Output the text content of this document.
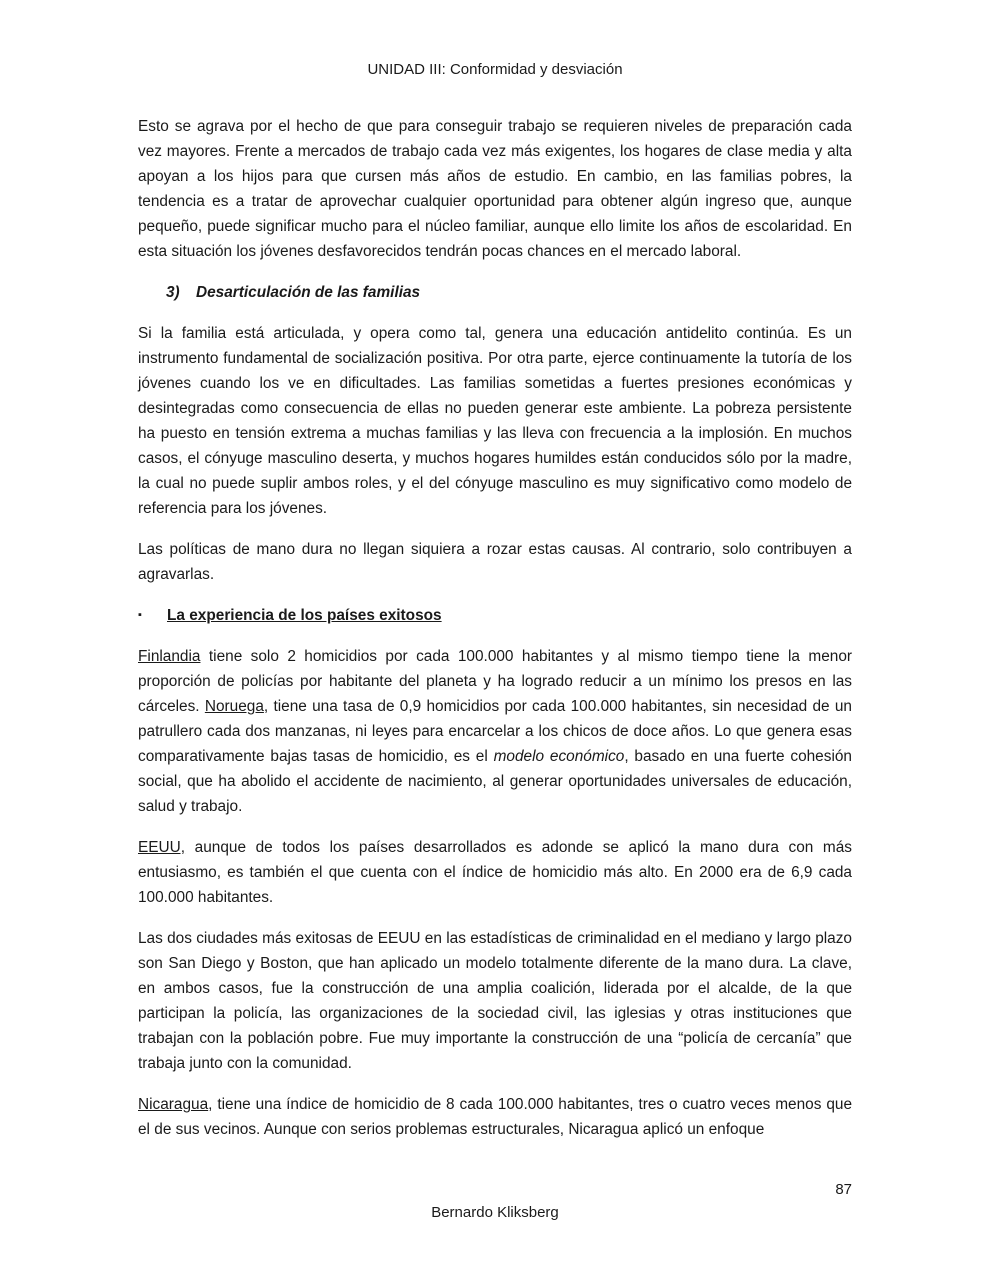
UNIDAD III: Conformidad y desviación

Esto se agrava por el hecho de que para conseguir trabajo se requieren niveles de preparación cada vez mayores. Frente a mercados de trabajo cada vez más exigentes, los hogares de clase media y alta apoyan a los hijos para que cursen más años de estudio. En cambio, en las familias pobres, la tendencia es a tratar de aprovechar cualquier oportunidad para obtener algún ingreso que, aunque pequeño, puede significar mucho para el núcleo familiar, aunque ello limite los años de escolaridad. En esta situación los jóvenes desfavorecidos tendrán pocas chances en el mercado laboral.

3) Desarticulación de las familias

Si la familia está articulada, y opera como tal, genera una educación antidelito continúa. Es un instrumento fundamental de socialización positiva. Por otra parte, ejerce continuamente la tutoría de los jóvenes cuando los ve en dificultades. Las familias sometidas a fuertes presiones económicas y desintegradas como consecuencia de ellas no pueden generar este ambiente. La pobreza persistente ha puesto en tensión extrema a muchas familias y las lleva con frecuencia a la implosión. En muchos casos, el cónyuge masculino deserta, y muchos hogares humildes están conducidos sólo por la madre, la cual no puede suplir ambos roles, y el del cónyuge masculino es muy significativo como modelo de referencia para los jóvenes.

Las políticas de mano dura no llegan siquiera a rozar estas causas. Al contrario, solo contribuyen a agravarlas.

▪ La experiencia de los países exitosos

Finlandia tiene solo 2 homicidios por cada 100.000 habitantes y al mismo tiempo tiene la menor proporción de policías por habitante del planeta y ha logrado reducir a un mínimo los presos en las cárceles. Noruega, tiene una tasa de 0,9 homicidios por cada 100.000 habitantes, sin necesidad de un patrullero cada dos manzanas, ni leyes para encarcelar a los chicos de doce años. Lo que genera esas comparativamente bajas tasas de homicidio, es el modelo económico, basado en una fuerte cohesión social, que ha abolido el accidente de nacimiento, al generar oportunidades universales de educación, salud y trabajo.

EEUU, aunque de todos los países desarrollados es adonde se aplicó la mano dura con más entusiasmo, es también el que cuenta con el índice de homicidio más alto. En 2000 era de 6,9 cada 100.000 habitantes.

Las dos ciudades más exitosas de EEUU en las estadísticas de criminalidad en el mediano y largo plazo son San Diego y Boston, que han aplicado un modelo totalmente diferente de la mano dura. La clave, en ambos casos, fue la construcción de una amplia coalición, liderada por el alcalde, de la que participan la policía, las organizaciones de la sociedad civil, las iglesias y otras instituciones que trabajan con la población pobre. Fue muy importante la construcción de una “policía de cercanía” que trabaja junto con la comunidad.

Nicaragua, tiene una índice de homicidio de 8 cada 100.000 habitantes, tres o cuatro veces menos que el de sus vecinos. Aunque con serios problemas estructurales, Nicaragua aplicó un enfoque

87
Bernardo Kliksberg
